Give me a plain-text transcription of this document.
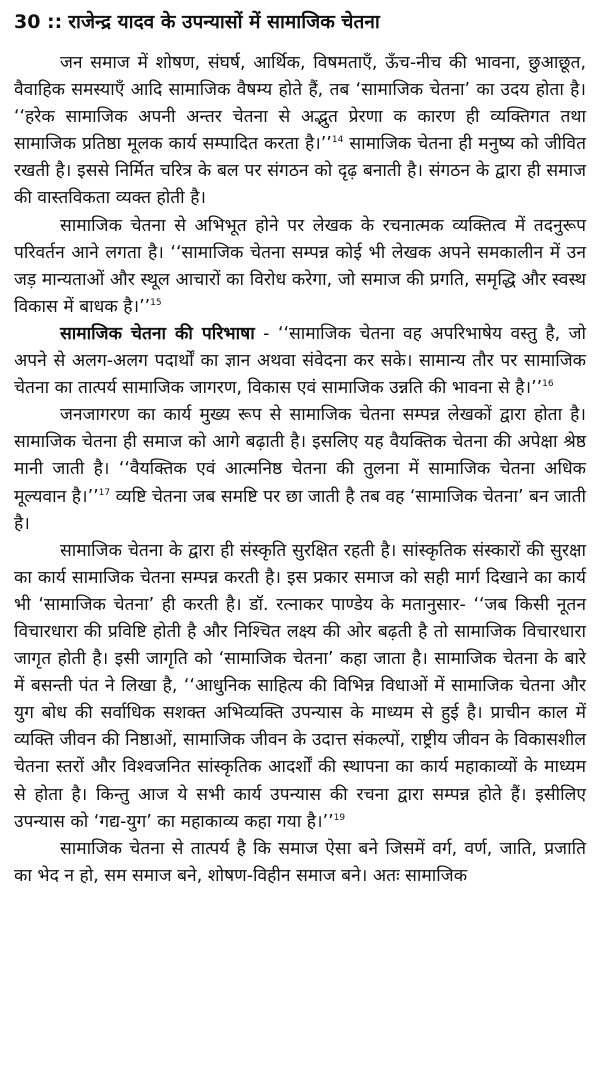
30 :: राजेन्द्र यादव के उपन्यासों में सामाजिक चेतना

जन समाज में शोषण, संघर्ष, आर्थिक, विषमताएँ, ऊँच-नीच की भावना, छुआछूत, वैवाहिक समस्याएँ आदि सामाजिक वैषम्य होते हैं, तब ‘सामाजिक चेतना’ का उदय होता है। ‘‘हरेक सामाजिक अपनी अन्तर चेतना से अद्भुत प्रेरणा क कारण ही व्यक्तिगत तथा सामाजिक प्रतिष्ठा मूलक कार्य सम्पादित करता है।’’$^{14}$ सामाजिक चेतना ही मनुष्य को जीवित रखती है। इससे निर्मित चरित्र के बल पर संगठन को दृढ़ बनाती है। संगठन के द्वारा ही समाज की वास्तविकता व्यक्त होती है।

सामाजिक चेतना से अभिभूत होने पर लेखक के रचनात्मक व्यक्तित्व में तदनुरूप परिवर्तन आने लगता है। ‘‘सामाजिक चेतना सम्पन्न कोई भी लेखक अपने समकालीन में उन जड़ मान्यताओं और स्थूल आचारों का विरोध करेगा, जो समाज की प्रगति, समृद्धि और स्वस्थ विकास में बाधक है।’’$^{15}$

सामाजिक चेतना की परिभाषा - ‘‘सामाजिक चेतना वह अपरिभाषेय वस्तु है, जो अपने से अलग-अलग पदार्थों का ज्ञान अथवा संवेदना कर सके। सामान्य तौर पर सामाजिक चेतना का तात्पर्य सामाजिक जागरण, विकास एवं सामाजिक उन्नति की भावना से है।’’$^{16}$

जनजागरण का कार्य मुख्य रूप से सामाजिक चेतना सम्पन्न लेखकों द्वारा होता है। सामाजिक चेतना ही समाज को आगे बढ़ाती है। इसलिए यह वैयक्तिक चेतना की अपेक्षा श्रेष्ठ मानी जाती है। ‘‘वैयक्तिक एवं आत्मनिष्ठ चेतना की तुलना में सामाजिक चेतना अधिक मूल्यवान है।’’$^{17}$ व्यष्टि चेतना जब समष्टि पर छा जाती है तब वह ‘सामाजिक चेतना’ बन जाती है।

सामाजिक चेतना के द्वारा ही संस्कृति सुरक्षित रहती है। सांस्कृतिक संस्कारों की सुरक्षा का कार्य सामाजिक चेतना सम्पन्न करती है। इस प्रकार समाज को सही मार्ग दिखाने का कार्य भी ‘सामाजिक चेतना’ ही करती है। डॉ. रत्नाकर पाण्डेय के मतानुसार- ‘‘जब किसी नूतन विचारधारा की प्रविष्टि होती है और निश्चित लक्ष्य की ओर बढ़ती है तो सामाजिक विचारधारा जागृत होती है। इसी जागृति को ‘सामाजिक चेतना’ कहा जाता है। सामाजिक चेतना के बारे में बसन्ती पंत ने लिखा है, ‘‘आधुनिक साहित्य की विभिन्न विधाओं में सामाजिक चेतना और युग बोध की सर्वाधिक सशक्त अभिव्यक्ति उपन्यास के माध्यम से हुई है। प्राचीन काल में व्यक्ति जीवन की निष्ठाओं, सामाजिक जीवन के उदात्त संकल्पों, राष्ट्रीय जीवन के विकासशील चेतना स्तरों और विश्वजनित सांस्कृतिक आदर्शों की स्थापना का कार्य महाकाव्यों के माध्यम से होता है। किन्तु आज ये सभी कार्य उपन्यास की रचना द्वारा सम्पन्न होते हैं। इसीलिए उपन्यास को ‘गद्य-युग’ का महाकाव्य कहा गया है।’’$^{19}$

सामाजिक चेतना से तात्पर्य है कि समाज ऐसा बने जिसमें वर्ग, वर्ण, जाति, प्रजाति का भेद न हो, सम समाज बने, शोषण-विहीन समाज बने। अतः सामाजिक
